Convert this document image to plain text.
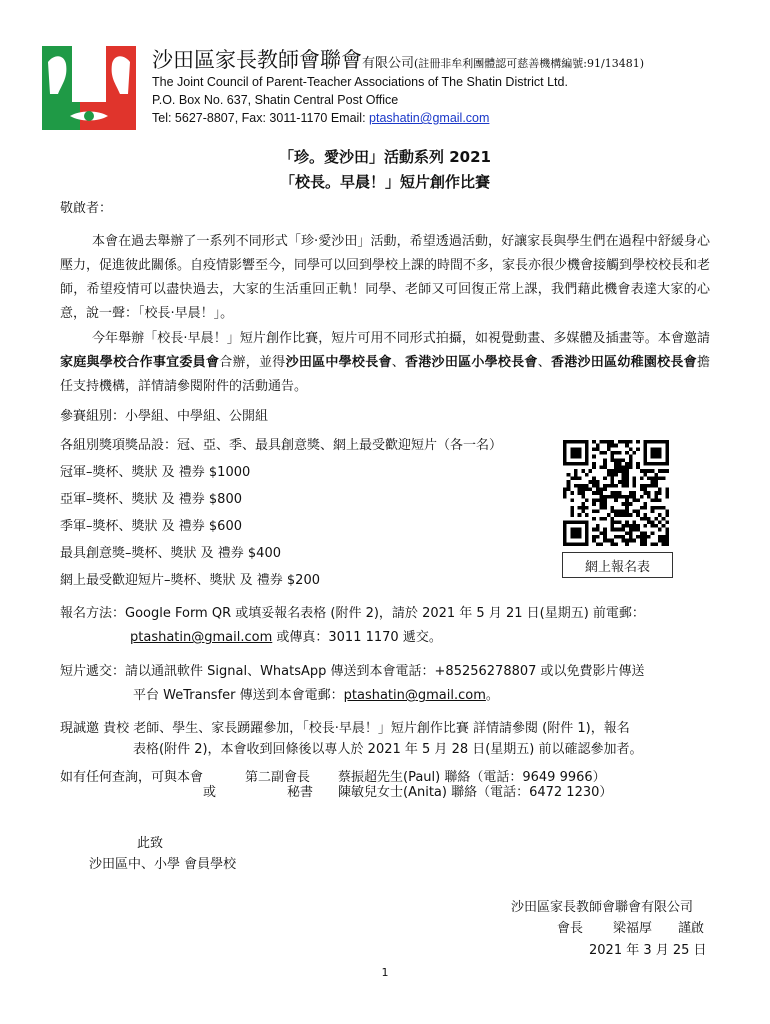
沙田區家長教師會聯會有限公司(註冊非牟利團體認可慈善機構編號:91/13481)
The Joint Council of Parent-Teacher Associations of The Shatin District Ltd.
P.O. Box No. 637, Shatin Central Post Office
Tel: 5627-8807, Fax: 3011-1170 Email: ptashatin@gmail.com
「珍。愛沙田」活動系列 2021
「校長。早晨！」短片創作比賽
敬啟者：
本會在過去舉辦了一系列不同形式「珍‧愛沙田」活動，希望透過活動，好讓家長與學生們在過程中舒緩身心壓力，促進彼此關係。自疫情影響至今，同學可以回到學校上課的時間不多，家長亦很少機會接觸到學校校長和老師，希望疫情可以盡快過去，大家的生活重回正軌！同學、老師又可回復正常上課，我們藉此機會表達大家的心意，說一聲：「校長‧早晨！」。
今年舉辦「校長‧早晨！」短片創作比賽，短片可用不同形式拍攝，如視覺動畫、多媒體及插畫等。本會邀請家庭與學校合作事宜委員會合辦，並得沙田區中學校長會、香港沙田區小學校長會、香港沙田區幼稚園校長會擔任支持機構，詳情請參閱附件的活動通告。
參賽組別：小學組、中學組、公開組
各組別獎項獎品設：冠、亞、季、最具創意獎、網上最受歡迎短片（各一名）
冠軍–獎杯、獎狀 及 禮券 $1000
亞軍–獎杯、獎狀 及 禮券 $800
季軍–獎杯、獎狀 及 禮券 $600
最具創意獎–獎杯、獎狀 及 禮券 $400
網上最受歡迎短片–獎杯、獎狀 及 禮券 $200
網上報名表
報名方法：Google Form QR 或填妥報名表格 (附件 2)，請於 2021 年 5 月 21 日(星期五) 前電郵：
ptashatin@gmail.com 或傳真：3011 1170 遞交。
短片遞交：請以通訊軟件 Signal、WhatsApp 傳送到本會電話：+85256278807 或以免費影片傳送
平台 WeTransfer 傳送到本會電郵：ptashatin@gmail.com。
現誠邀 貴校 老師、學生、家長踴躍參加，「校長‧早晨！」短片創作比賽 詳情請參閱 (附件 1)，報名
表格(附件 2)，本會收到回條後以專人於 2021 年 5 月 28 日(星期五) 前以確認參加者。
如有任何查詢，可與本會
或
第二副會長
秘書
蔡振超先生(Paul) 聯絡（電話：9649 9966）
陳敏兒女士(Anita) 聯絡（電話：6472 1230）
此致
沙田區中、小學 會員學校
沙田區家長教師會聯會有限公司
會長 梁福厚 謹啟
2021 年 3 月 25 日
1
